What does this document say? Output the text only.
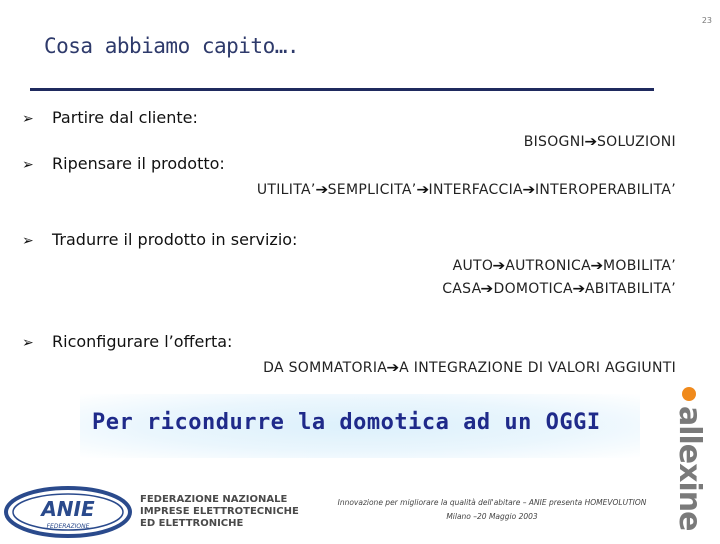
23
Cosa abbiamo capito….
➢ Partire dal cliente:
BISOGNI➔SOLUZIONI
➢ Ripensare il prodotto:
UTILITA’➔SEMPLICITA’➔INTERFACCIA➔INTEROPERABILITA’
➢ Tradurre il prodotto in servizio:
AUTO➔AUTRONICA➔MOBILITA’
CASA➔DOMOTICA➔ABITABILITA’
➢ Riconfigurare l’offerta:
DA SOMMATORIA➔A INTEGRAZIONE DI VALORI AGGIUNTI
Per ricondurre la domotica ad un OGGI
ANIE
FEDERAZIONE
FEDERAZIONE NAZIONALE
IMPRESE ELETTROTECNICHE
ED ELETTRONICHE
Innovazione per migliorare la qualità dell'abitare – ANIE presenta HOMEVOLUTION
Milano –20 Maggio 2003	allexine
